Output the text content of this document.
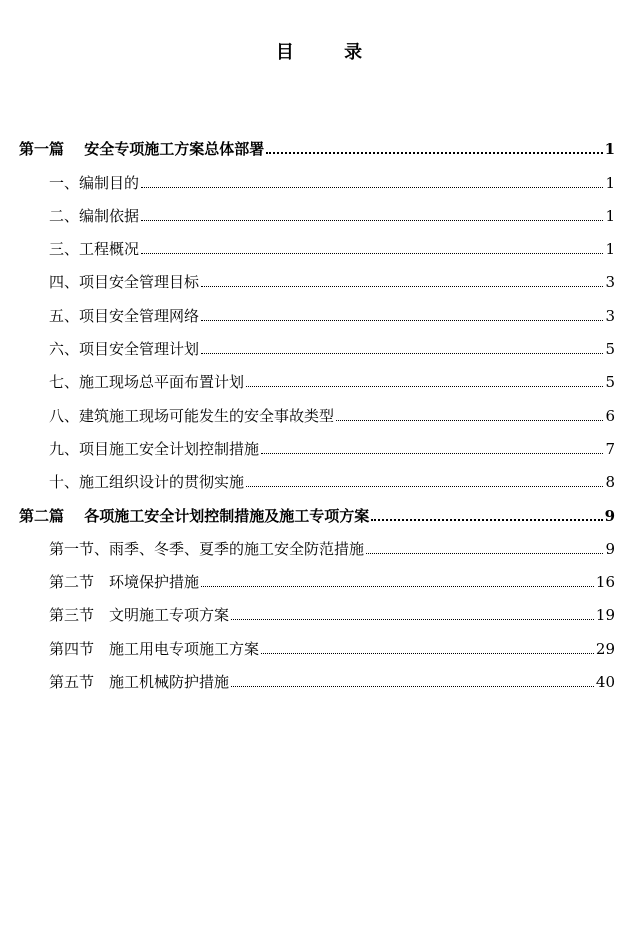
目 录
第一篇　 安全专项施工方案总体部署	1
一、编制目的	1
二、编制依据	1
三、工程概况	1
四、项目安全管理目标	3
五、项目安全管理网络	3
六、项目安全管理计划	5
七、施工现场总平面布置计划	5
八、建筑施工现场可能发生的安全事故类型	6
九、项目施工安全计划控制措施	7
十、施工组织设计的贯彻实施	8
第二篇　 各项施工安全计划控制措施及施工专项方案	9
第一节、雨季、冬季、夏季的施工安全防范措施	9
第二节　环境保护措施	16
第三节　文明施工专项方案	19
第四节　施工用电专项施工方案	29
第五节　施工机械防护措施	40
